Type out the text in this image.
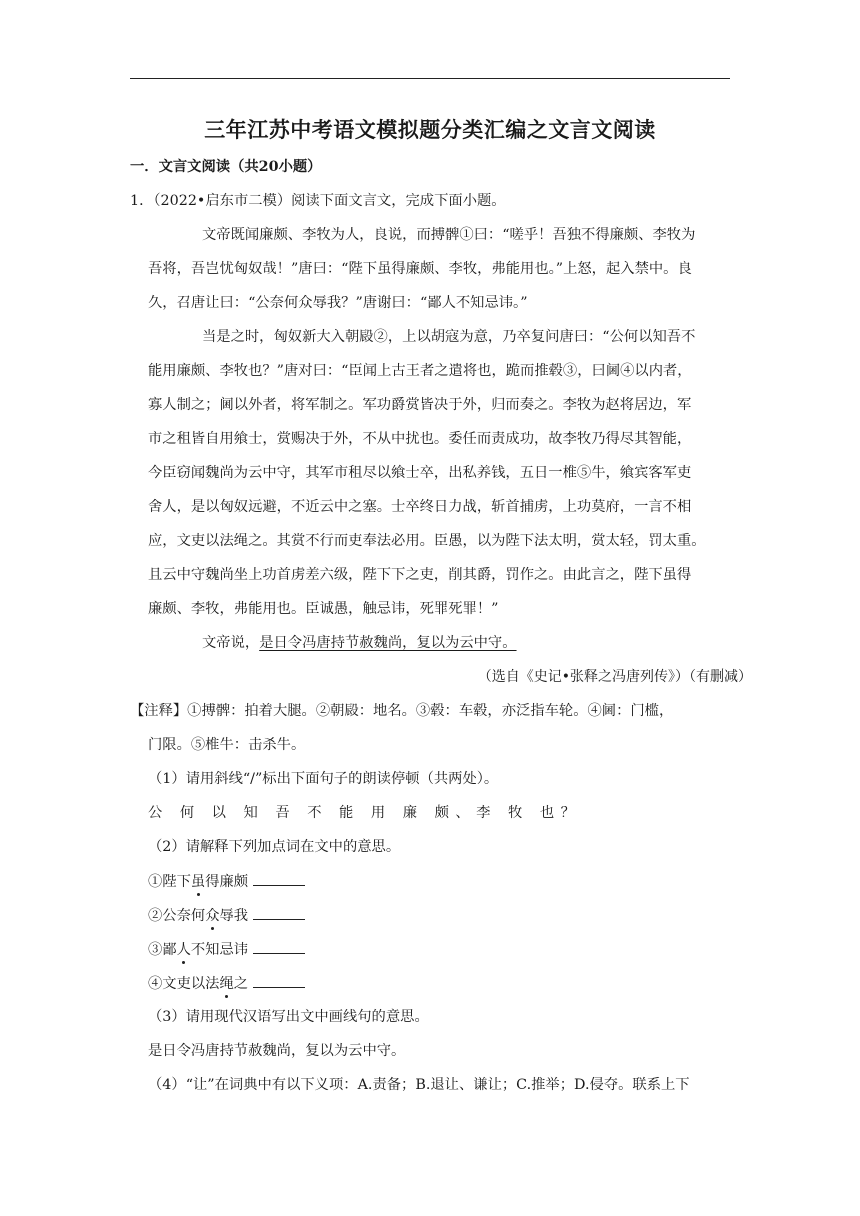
三年江苏中考语文模拟题分类汇编之文言文阅读
一．文言文阅读（共20小题）
1．（2022•启东市二模）阅读下面文言文，完成下面小题。
文帝既闻廉颇、李牧为人，良说，而搏髀①曰：“嗟乎！吾独不得廉颇、李牧为
吾将，吾岂忧匈奴哉！”唐曰：“陛下虽得廉颇、李牧，弗能用也。”上怒，起入禁中。良
久，召唐让曰：“公奈何众辱我？”唐谢曰：“鄙人不知忌讳。”
当是之时，匈奴新大入朝㲀②，上以胡寇为意，乃卒复问唐曰：“公何以知吾不
能用廉颇、李牧也？”唐对曰：“臣闻上古王者之遣将也，跪而推毂③，曰阃④以内者，
寡人制之；阃以外者，将军制之。军功爵赏皆决于外，归而奏之。李牧为赵将居边，军
市之租皆自用飨士，赏赐决于外，不从中扰也。委任而责成功，故李牧乃得尽其智能，
今臣窃闻魏尚为云中守，其军市租尽以飨士卒，出私养钱，五日一椎⑤牛，飨宾客军吏
舍人，是以匈奴远避，不近云中之塞。士卒终日力战，斩首捕虏，上功莫府，一言不相
应，文吏以法绳之。其赏不行而吏奉法必用。臣愚，以为陛下法太明，赏太轻，罚太重。
且云中守魏尚坐上功首虏差六级，陛下下之吏，削其爵，罚作之。由此言之，陛下虽得
廉颇、李牧，弗能用也。臣诚愚，触忌讳，死罪死罪！”
文帝说，是日令冯唐持节赦魏尚，复以为云中守。
（选自《史记•张释之冯唐列传》）（有删减）
【注释】①搏髀：拍着大腿。②朝㲀：地名。③毂：车毂，亦泛指车轮。④阃：门槛，
门限。⑤椎牛：击杀牛。
（1）请用斜线“/”标出下面句子的朗读停顿（共两处）。
公 何 以 知 吾 不 能 用 廉 颇、李 牧 也？
（2）请解释下列加点词在文中的意思。
①陛下虽得廉颇
②公奈何众辱我
③鄙人不知忌讳
④文吏以法绳之
（3）请用现代汉语写出文中画线句的意思。
是日令冯唐持节赦魏尚，复以为云中守。
（4）“让”在词典中有以下义项：A.责备；B.退让、谦让；C.推举；D.侵夺。联系上下
